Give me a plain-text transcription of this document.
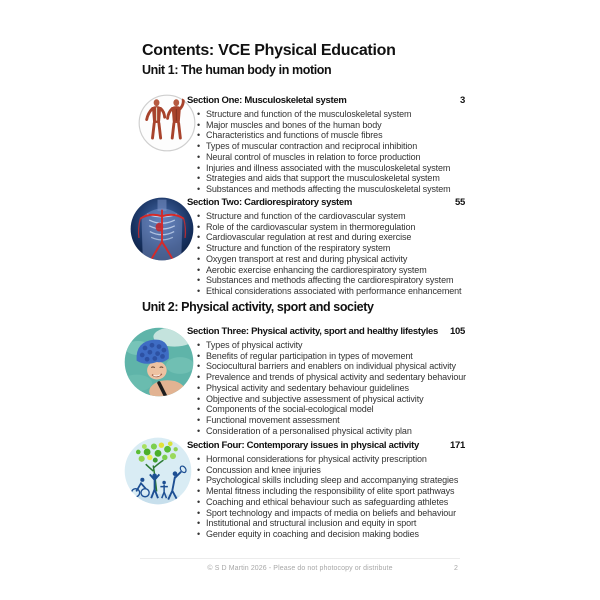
Contents: VCE Physical Education
Unit 1: The human body in motion
Section One: Musculoskeletal system	3
• Structure and function of the musculoskeletal system
• Major muscles and bones of the human body
• Characteristics and functions of muscle fibres
• Types of muscular contraction and reciprocal inhibition
• Neural control of muscles in relation to force production
• Injuries and illness associated with the musculoskeletal system
• Strategies and aids that support the musculoskeletal system
• Substances and methods affecting the musculoskeletal system
Section Two: Cardiorespiratory system	55
• Structure and function of the cardiovascular system
• Role of the cardiovascular system in thermoregulation
• Cardiovascular regulation at rest and during exercise
• Structure and function of the respiratory system
• Oxygen transport at rest and during physical activity
• Aerobic exercise enhancing the cardiorespiratory system
• Substances and methods affecting the cardiorespiratory system
• Ethical considerations associated with performance enhancement
Unit 2: Physical activity, sport and society
Section Three: Physical activity, sport and healthy lifestyles 105
• Types of physical activity
• Benefits of regular participation in types of movement
• Sociocultural barriers and enablers on individual physical activity
• Prevalence and trends of physical activity and sedentary behaviour
• Physical activity and sedentary behaviour guidelines
• Objective and subjective assessment of physical activity
• Components of the social-ecological model
• Functional movement assessment
• Consideration of a personalised physical activity plan
Section Four: Contemporary issues in physical activity	171
• Hormonal considerations for physical activity prescription
• Concussion and knee injuries
• Psychological skills including sleep and accompanying strategies
• Mental fitness including the responsibility of elite sport pathways
• Coaching and ethical behaviour such as safeguarding athletes
• Sport technology and impacts of media on beliefs and behaviour
• Institutional and structural inclusion and equity in sport
• Gender equity in coaching and decision making bodies
© S D Martin 2026 - Please do not photocopy or distribute	2
